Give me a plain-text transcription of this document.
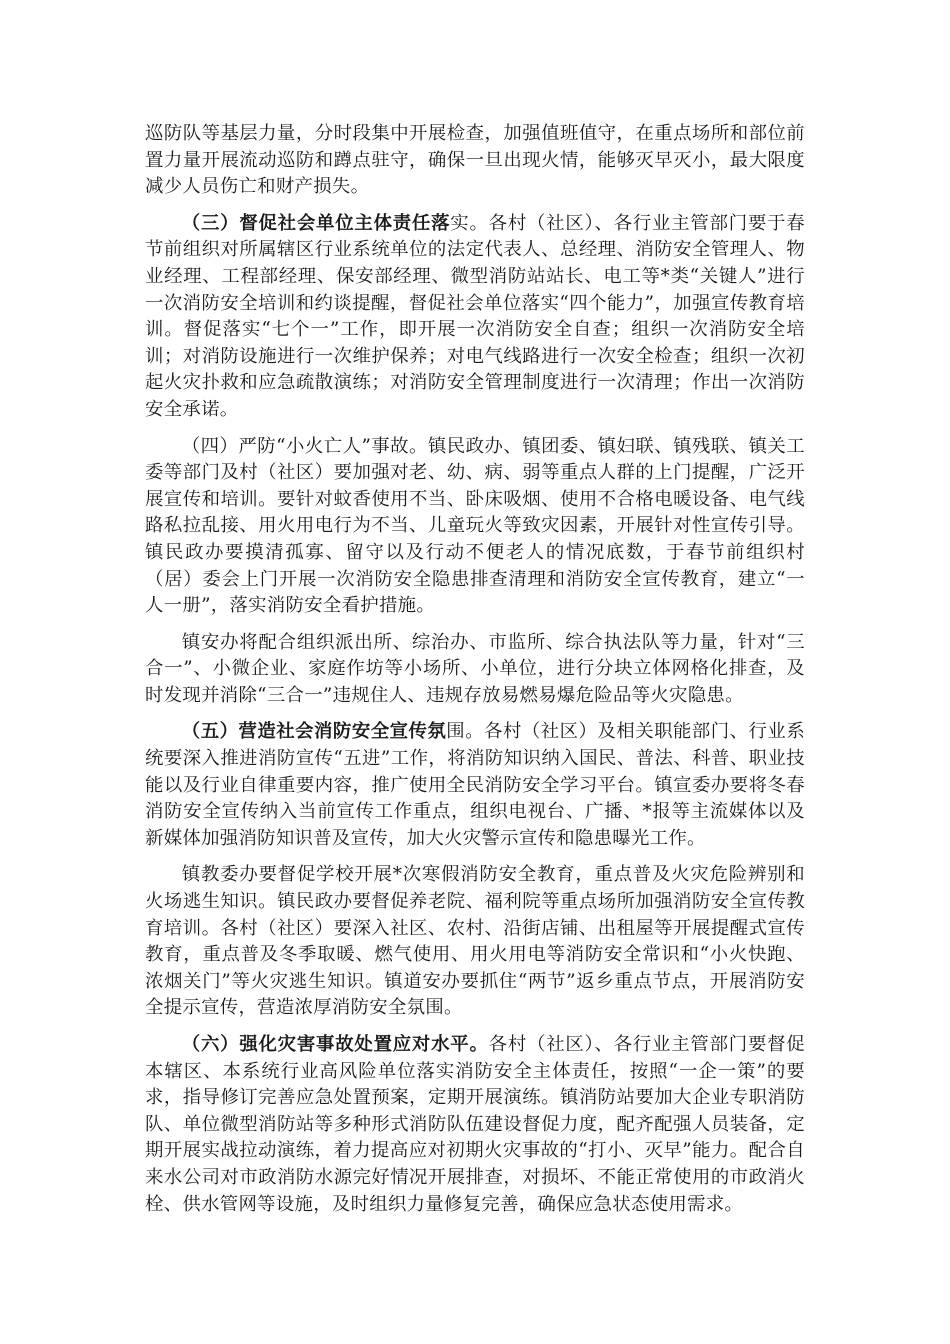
巡防队等基层力量，分时段集中开展检查，加强值班值守，在重点场所和部位前置力量开展流动巡防和蹲点驻守，确保一旦出现火情，能够灭早灭小，最大限度减少人员伤亡和财产损失。

（三）督促社会单位主体责任落实。各村（社区）、各行业主管部门要于春节前组织对所属辖区行业系统单位的法定代表人、总经理、消防安全管理人、物业经理、工程部经理、保安部经理、微型消防站站长、电工等*类“关键人”进行一次消防安全培训和约谈提醒，督促社会单位落实“四个能力”，加强宣传教育培训。督促落实“七个一”工作，即开展一次消防安全自查；组织一次消防安全培训；对消防设施进行一次维护保养；对电气线路进行一次安全检查；组织一次初起火灾扑救和应急疏散演练；对消防安全管理制度进行一次清理；作出一次消防安全承诺。

（四）严防“小火亡人”事故。镇民政办、镇团委、镇妇联、镇残联、镇关工委等部门及村（社区）要加强对老、幼、病、弱等重点人群的上门提醒，广泛开展宣传和培训。要针对蚊香使用不当、卧床吸烟、使用不合格电暖设备、电气线路私拉乱接、用火用电行为不当、儿童玩火等致灾因素，开展针对性宣传引导。镇民政办要摸清孤寡、留守以及行动不便老人的情况底数，于春节前组织村（居）委会上门开展一次消防安全隐患排查清理和消防安全宣传教育，建立“一人一册”，落实消防安全看护措施。

镇安办将配合组织派出所、综治办、市监所、综合执法队等力量，针对“三合一”、小微企业、家庭作坊等小场所、小单位，进行分块立体网格化排查，及时发现并消除“三合一”违规住人、违规存放易燃易爆危险品等火灾隐患。

（五）营造社会消防安全宣传氛围。各村（社区）及相关职能部门、行业系统要深入推进消防宣传“五进”工作，将消防知识纳入国民、普法、科普、职业技能以及行业自律重要内容，推广使用全民消防安全学习平台。镇宣委办要将冬春消防安全宣传纳入当前宣传工作重点，组织电视台、广播、*报等主流媒体以及新媒体加强消防知识普及宣传，加大火灾警示宣传和隐患曝光工作。

镇教委办要督促学校开展*次寒假消防安全教育，重点普及火灾危险辨别和火场逃生知识。镇民政办要督促养老院、福利院等重点场所加强消防安全宣传教育培训。各村（社区）要深入社区、农村、沿街店铺、出租屋等开展提醒式宣传教育，重点普及冬季取暖、燃气使用、用火用电等消防安全常识和“小火快跑、浓烟关门”等火灾逃生知识。镇道安办要抓住“两节”返乡重点节点，开展消防安全提示宣传，营造浓厚消防安全氛围。

（六）强化灾害事故处置应对水平。各村（社区）、各行业主管部门要督促本辖区、本系统行业高风险单位落实消防安全主体责任，按照“一企一策”的要求，指导修订完善应急处置预案，定期开展演练。镇消防站要加大企业专职消防队、单位微型消防站等多种形式消防队伍建设督促力度，配齐配强人员装备，定期开展实战拉动演练，着力提高应对初期火灾事故的“打小、灭早”能力。配合自来水公司对市政消防水源完好情况开展排查，对损坏、不能正常使用的市政消火栓、供水管网等设施，及时组织力量修复完善，确保应急状态使用需求。
